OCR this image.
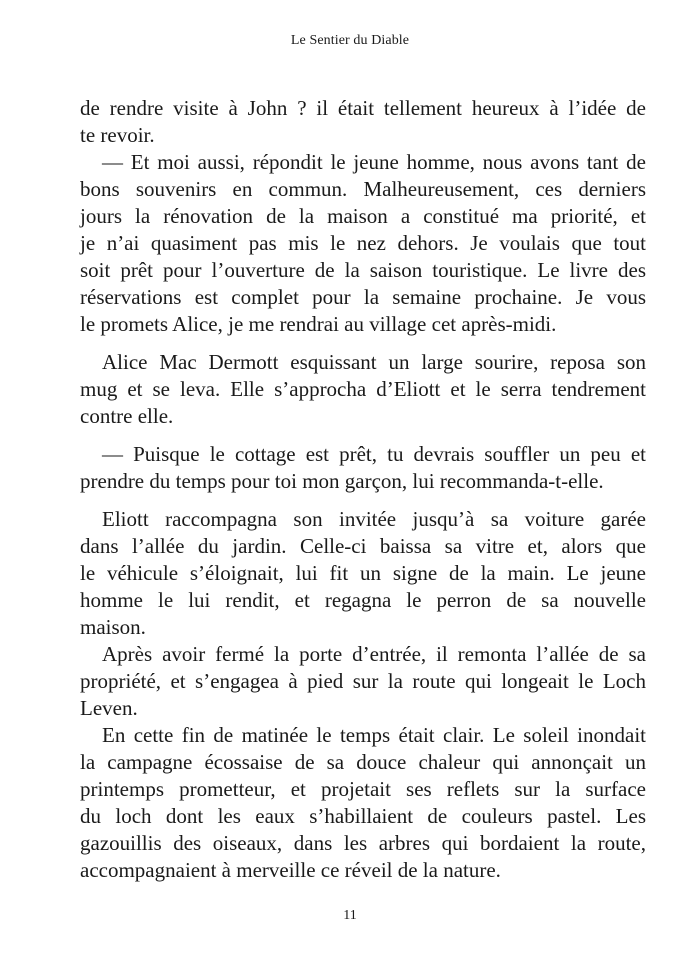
Le Sentier du Diable
de rendre visite à John ? il était tellement heureux à l’idée de
te revoir.
— Et moi aussi, répondit le jeune homme, nous avons tant de
bons souvenirs en commun. Malheureusement, ces derniers
jours la rénovation de la maison a constitué ma priorité, et
je n’ai quasiment pas mis le nez dehors. Je voulais que tout
soit prêt pour l’ouverture de la saison touristique. Le livre des
réservations est complet pour la semaine prochaine. Je vous
le promets Alice, je me rendrai au village cet après-midi.
Alice Mac Dermott esquissant un large sourire, reposa son
mug et se leva. Elle s’approcha d’Eliott et le serra tendrement
contre elle.
— Puisque le cottage est prêt, tu devrais souffler un peu et
prendre du temps pour toi mon garçon, lui recommanda-t-elle.
Eliott raccompagna son invitée jusqu’à sa voiture garée
dans l’allée du jardin. Celle-ci baissa sa vitre et, alors que
le véhicule s’éloignait, lui fit un signe de la main. Le jeune
homme le lui rendit, et regagna le perron de sa nouvelle
maison.
Après avoir fermé la porte d’entrée, il remonta l’allée de sa
propriété, et s’engagea à pied sur la route qui longeait le Loch
Leven.
En cette fin de matinée le temps était clair. Le soleil inondait
la campagne écossaise de sa douce chaleur qui annonçait un
printemps prometteur, et projetait ses reflets sur la surface
du loch dont les eaux s’habillaient de couleurs pastel. Les
gazouillis des oiseaux, dans les arbres qui bordaient la route,
accompagnaient à merveille ce réveil de la nature.
11
